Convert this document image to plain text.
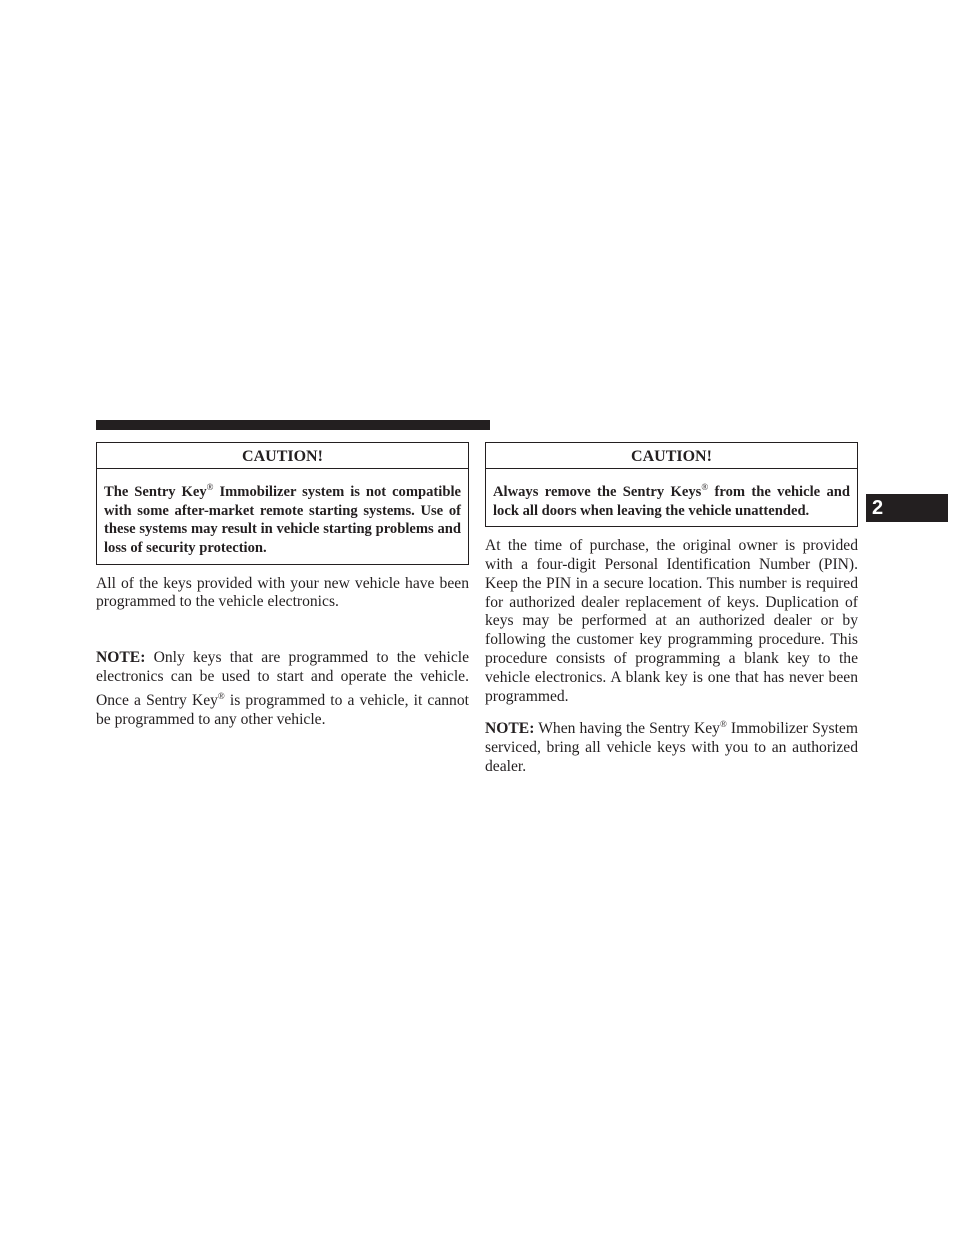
CAUTION!
The Sentry Key® Immobilizer system is not compatible with some after-market remote starting systems. Use of these systems may result in vehicle starting problems and loss of security protection.

All of the keys provided with your new vehicle have been programmed to the vehicle electronics.

NOTE: Only keys that are programmed to the vehicle electronics can be used to start and operate the vehicle. Once a Sentry Key® is programmed to a vehicle, it cannot be programmed to any other vehicle.

CAUTION!
Always remove the Sentry Keys® from the vehicle and lock all doors when leaving the vehicle unattended.

At the time of purchase, the original owner is provided with a four-digit Personal Identification Number (PIN). Keep the PIN in a secure location. This number is required for authorized dealer replacement of keys. Duplication of keys may be performed at an authorized dealer or by following the customer key programming procedure. This procedure consists of programming a blank key to the vehicle electronics. A blank key is one that has never been programmed.

NOTE: When having the Sentry Key® Immobilizer System serviced, bring all vehicle keys with you to an authorized dealer.

2
